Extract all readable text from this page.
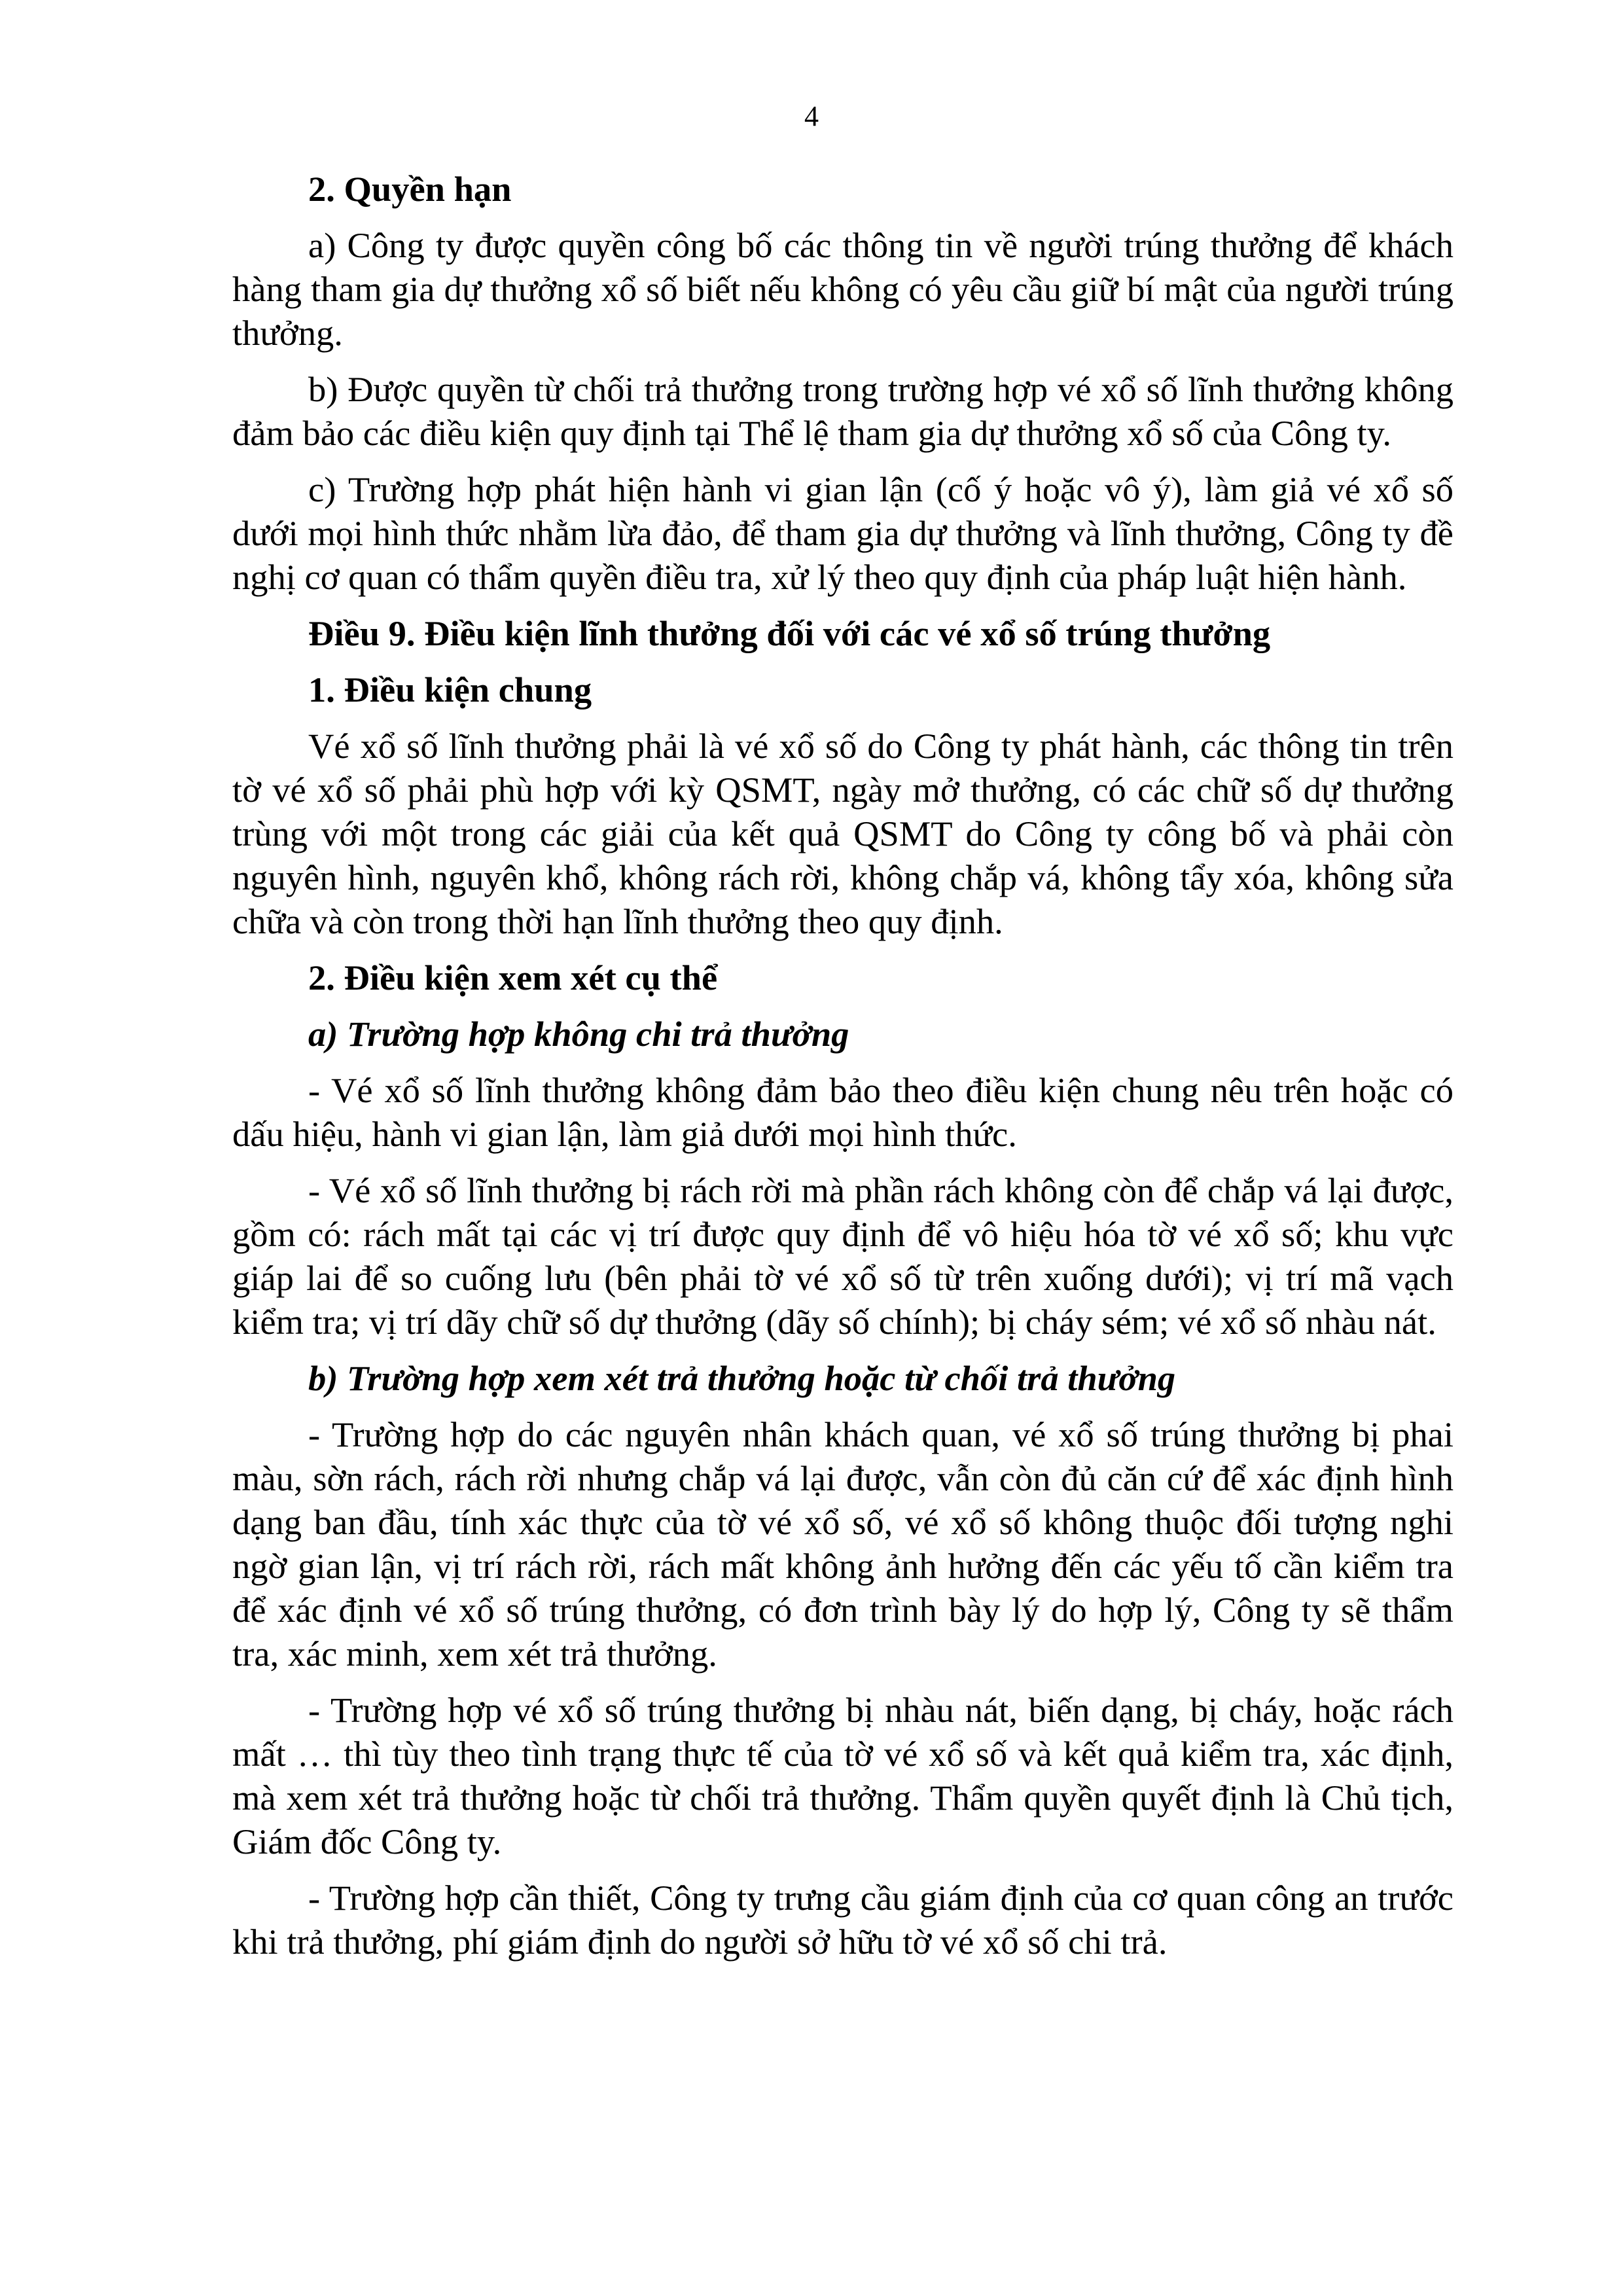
4
2. Quyền hạn

a) Công ty được quyền công bố các thông tin về người trúng thưởng để khách hàng tham gia dự thưởng xổ số biết nếu không có yêu cầu giữ bí mật của người trúng thưởng.

b) Được quyền từ chối trả thưởng trong trường hợp vé xổ số lĩnh thưởng không đảm bảo các điều kiện quy định tại Thể lệ tham gia dự thưởng xổ số của Công ty.

c) Trường hợp phát hiện hành vi gian lận (cố ý hoặc vô ý), làm giả vé xổ số dưới mọi hình thức nhằm lừa đảo, để tham gia dự thưởng và lĩnh thưởng, Công ty đề nghị cơ quan có thẩm quyền điều tra, xử lý theo quy định của pháp luật hiện hành.

Điều 9. Điều kiện lĩnh thưởng đối với các vé xổ số trúng thưởng
1. Điều kiện chung

Vé xổ số lĩnh thưởng phải là vé xổ số do Công ty phát hành, các thông tin trên tờ vé xổ số phải phù hợp với kỳ QSMT, ngày mở thưởng, có các chữ số dự thưởng trùng với một trong các giải của kết quả QSMT do Công ty công bố và phải còn nguyên hình, nguyên khổ, không rách rời, không chắp vá, không tẩy xóa, không sửa chữa và còn trong thời hạn lĩnh thưởng theo quy định.

2. Điều kiện xem xét cụ thể
a) Trường hợp không chi trả thưởng

- Vé xổ số lĩnh thưởng không đảm bảo theo điều kiện chung nêu trên hoặc có dấu hiệu, hành vi gian lận, làm giả dưới mọi hình thức.

- Vé xổ số lĩnh thưởng bị rách rời mà phần rách không còn để chắp vá lại được, gồm có: rách mất tại các vị trí được quy định để vô hiệu hóa tờ vé xổ số; khu vực giáp lai để so cuống lưu (bên phải tờ vé xổ số từ trên xuống dưới); vị trí mã vạch kiểm tra; vị trí dãy chữ số dự thưởng (dãy số chính); bị cháy sém; vé xổ số nhàu nát.

b) Trường hợp xem xét trả thưởng hoặc từ chối trả thưởng

- Trường hợp do các nguyên nhân khách quan, vé xổ số trúng thưởng bị phai màu, sờn rách, rách rời nhưng chắp vá lại được, vẫn còn đủ căn cứ để xác định hình dạng ban đầu, tính xác thực của tờ vé xổ số, vé xổ số không thuộc đối tượng nghi ngờ gian lận, vị trí rách rời, rách mất không ảnh hưởng đến các yếu tố cần kiểm tra để xác định vé xổ số trúng thưởng, có đơn trình bày lý do hợp lý, Công ty sẽ thẩm tra, xác minh, xem xét trả thưởng.

- Trường hợp vé xổ số trúng thưởng bị nhàu nát, biến dạng, bị cháy, hoặc rách mất … thì tùy theo tình trạng thực tế của tờ vé xổ số và kết quả kiểm tra, xác định, mà xem xét trả thưởng hoặc từ chối trả thưởng. Thẩm quyền quyết định là Chủ tịch, Giám đốc Công ty.

- Trường hợp cần thiết, Công ty trưng cầu giám định của cơ quan công an trước khi trả thưởng, phí giám định do người sở hữu tờ vé xổ số chi trả.
